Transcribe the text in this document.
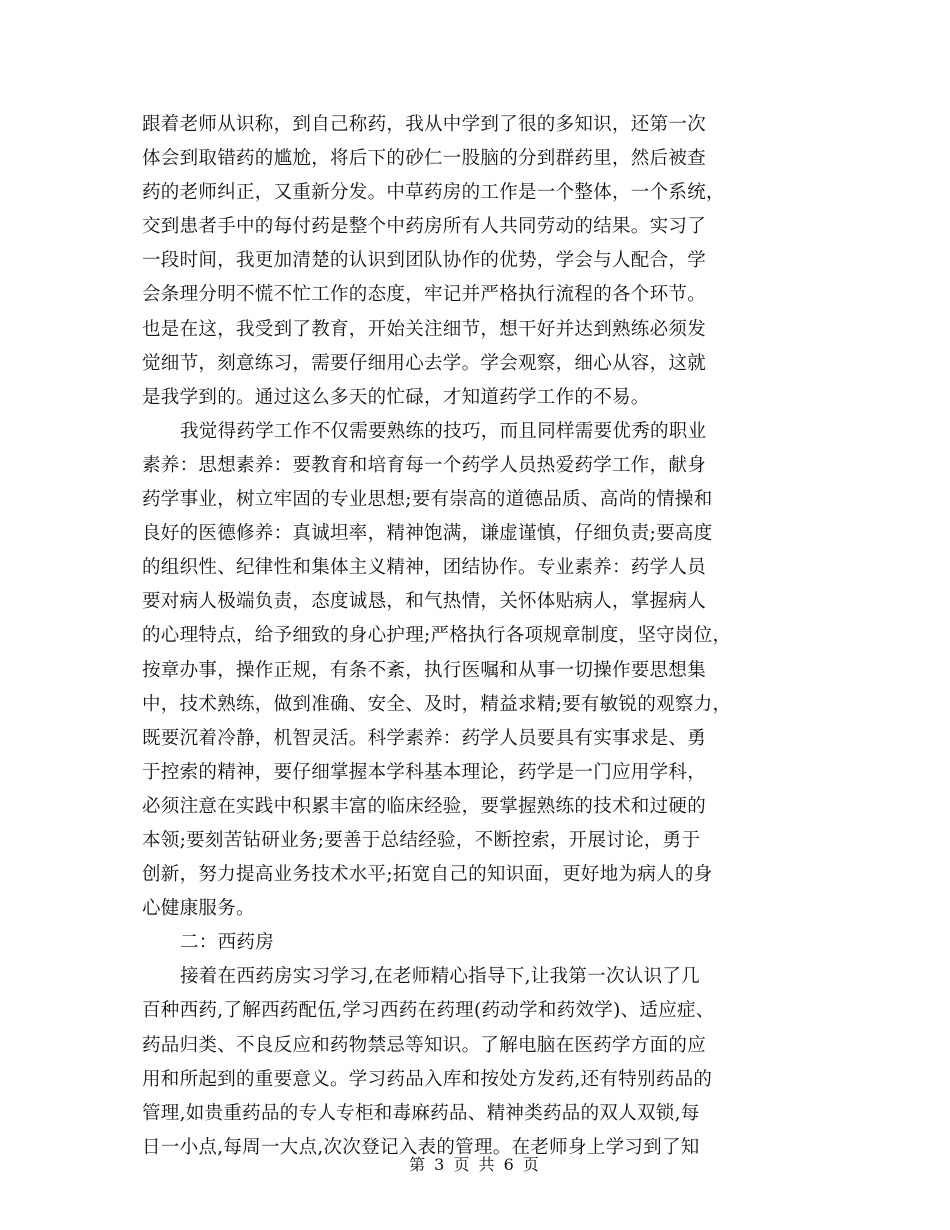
跟着老师从识称，到自己称药，我从中学到了很的多知识，还第一次
体会到取错药的尴尬，将后下的砂仁一股脑的分到群药里，然后被查
药的老师纠正，又重新分发。中草药房的工作是一个整体，一个系统，
交到患者手中的每付药是整个中药房所有人共同劳动的结果。实习了
一段时间，我更加清楚的认识到团队协作的优势，学会与人配合，学
会条理分明不慌不忙工作的态度，牢记并严格执行流程的各个环节。
也是在这，我受到了教育，开始关注细节，想干好并达到熟练必须发
觉细节，刻意练习，需要仔细用心去学。学会观察，细心从容，这就
是我学到的。通过这么多天的忙碌，才知道药学工作的不易。
我觉得药学工作不仅需要熟练的技巧，而且同样需要优秀的职业
素养：思想素养：要教育和培育每一个药学人员热爱药学工作，献身
药学事业，树立牢固的专业思想;要有崇高的道德品质、高尚的情操和
良好的医德修养：真诚坦率，精神饱满，谦虚谨慎，仔细负责;要高度
的组织性、纪律性和集体主义精神，团结协作。专业素养：药学人员
要对病人极端负责，态度诚恳，和气热情，关怀体贴病人，掌握病人
的心理特点，给予细致的身心护理;严格执行各项规章制度，坚守岗位，
按章办事，操作正规，有条不紊，执行医嘱和从事一切操作要思想集
中，技术熟练，做到准确、安全、及时，精益求精;要有敏锐的观察力，
既要沉着冷静，机智灵活。科学素养：药学人员要具有实事求是、勇
于控索的精神，要仔细掌握本学科基本理论，药学是一门应用学科，
必须注意在实践中积累丰富的临床经验，要掌握熟练的技术和过硬的
本领;要刻苦钻研业务;要善于总结经验，不断控索，开展讨论，勇于
创新，努力提高业务技术水平;拓宽自己的知识面，更好地为病人的身
心健康服务。
二：西药房
接着在西药房实习学习,在老师精心指导下,让我第一次认识了几
百种西药,了解西药配伍,学习西药在药理(药动学和药效学)、适应症、
药品归类、不良反应和药物禁忌等知识。了解电脑在医药学方面的应
用和所起到的重要意义。学习药品入库和按处方发药,还有特别药品的
管理,如贵重药品的专人专柜和毒麻药品、精神类药品的双人双锁,每
日一小点,每周一大点,次次登记入表的管理。在老师身上学习到了知
第 3 页 共 6 页
